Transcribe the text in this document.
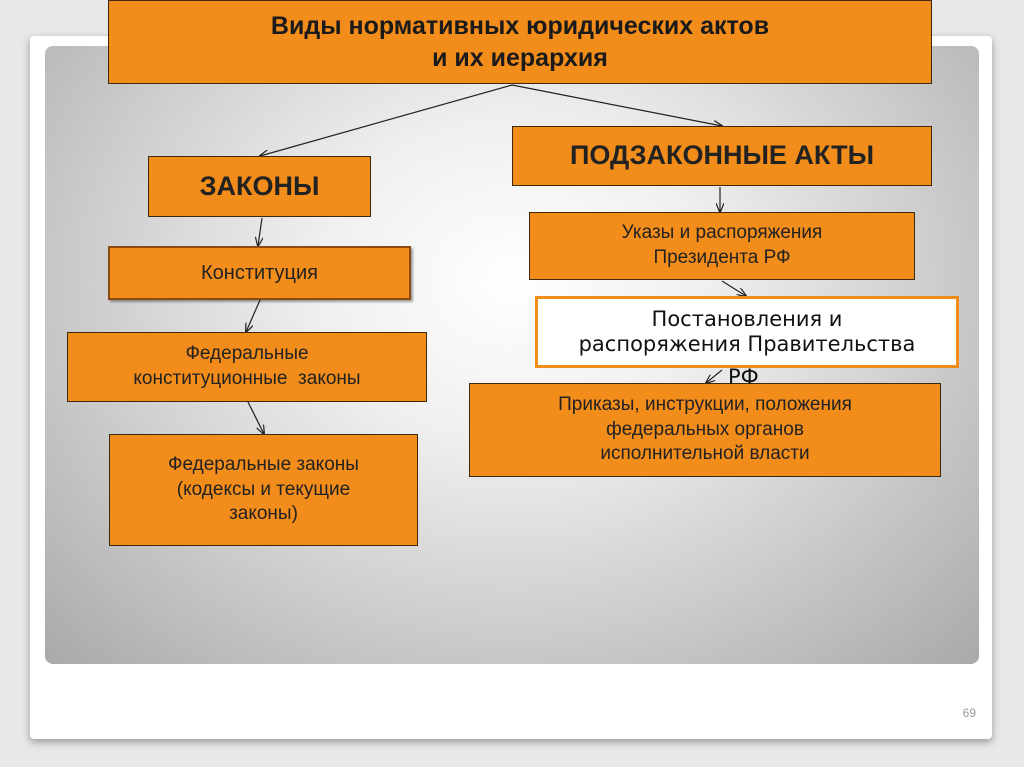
Виды нормативных юридических актов
и их иерархия
ЗАКОНЫ
ПОДЗАКОННЫЕ АКТЫ
Конституция
Федеральные
конституционные  законы
Федеральные законы
(кодексы и текущие
законы)
Указы и распоряжения
Президента РФ
Приказы, инструкции, положения
федеральных органов
исполнительной власти
Постановления и
распоряжения Правительства
РФ
69
